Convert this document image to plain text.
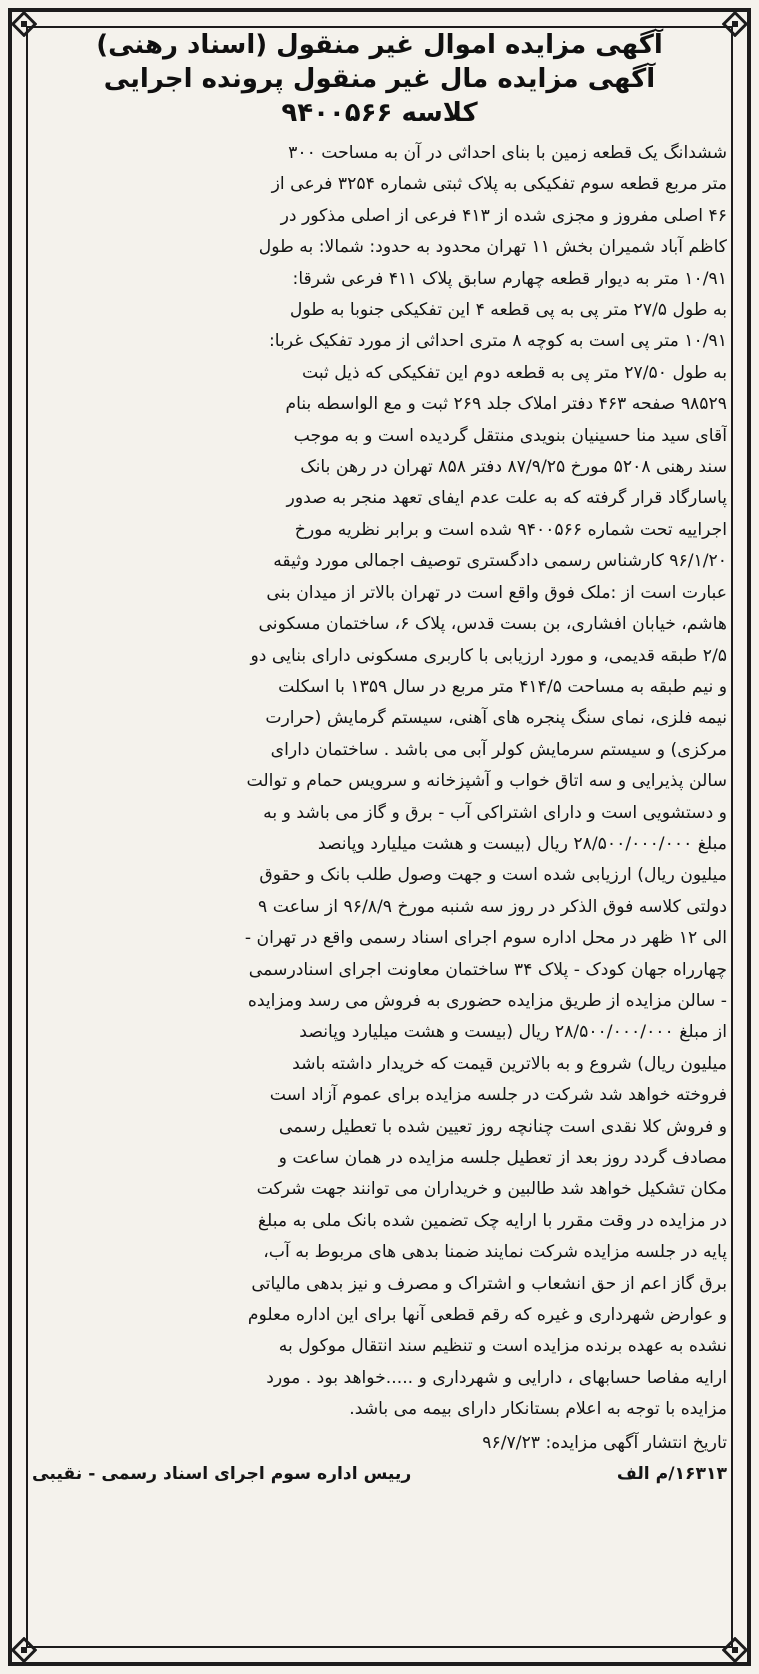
آگهی مزایده اموال غیر منقول (اسناد رهنی)
آگهی مزایده مال غیر منقول پرونده اجرایی
کلاسه ۹۴۰۰۵۶۶
ششدانگ یک قطعه زمین با بنای احداثی در آن به مساحت ۳۰۰
متر مربع قطعه سوم تفکیکی به پلاک ثبتی شماره ۳۲۵۴ فرعی از
۴۶ اصلی مفروز و مجزی شده از ۴۱۳ فرعی از اصلی مذکور در
کاظم آباد شمیران بخش ۱۱ تهران محدود به حدود: شمالا: به طول
۱۰/۹۱ متر به دیوار قطعه چهارم سابق پلاک ۴۱۱ فرعی شرقا:
به طول ۲۷/۵ متر پی به پی قطعه ۴ این تفکیکی جنوبا به طول
۱۰/۹۱ متر پی است به کوچه ۸ متری احداثی از مورد تفکیک غربا:
به طول ۲۷/۵۰ متر پی به قطعه دوم این تفکیکی که ذیل ثبت
۹۸۵۲۹ صفحه ۴۶۳ دفتر املاک جلد ۲۶۹ ثبت و مع الواسطه بنام
آقای سید منا حسینیان بنویدی منتقل گردیده است و به موجب
سند رهنی ۵۲۰۸ مورخ ۸۷/۹/۲۵ دفتر ۸۵۸ تهران در رهن بانک
پاسارگاد قرار گرفته که به علت عدم ایفای تعهد منجر به صدور
اجراییه تحت شماره ۹۴۰۰۵۶۶ شده است و برابر نظریه مورخ
۹۶/۱/۲۰ کارشناس رسمی دادگستری توصیف اجمالی مورد وثیقه
عبارت است از :ملک فوق واقع است در تهران بالاتر از میدان بنی
هاشم، خیابان افشاری، بن بست قدس، پلاک ۶، ساختمان مسکونی
۲/۵ طبقه قدیمی، و مورد ارزیابی با کاربری مسکونی دارای بنایی دو
و نیم طبقه به مساحت ۴۱۴/۵ متر مربع در سال ۱۳۵۹ با اسکلت
نیمه فلزی، نمای سنگ پنجره های آهنی، سیستم گرمایش (حرارت
مرکزی) و سیستم سرمایش کولر آبی می باشد . ساختمان دارای
سالن پذیرایی و سه اتاق خواب و آشپزخانه و سرویس حمام و توالت
و دستشویی است و دارای اشتراکی آب - برق و گاز می باشد و به
مبلغ ۲۸/۵۰۰/۰۰۰/۰۰۰ ریال (بیست و هشت میلیارد وپانصد
میلیون ریال) ارزیابی شده است و جهت وصول طلب بانک و حقوق
دولتی کلاسه فوق الذکر در روز سه شنبه مورخ ۹۶/۸/۹ از ساعت ۹
الی ۱۲ ظهر در محل اداره سوم اجرای اسناد رسمی واقع در تهران -
چهارراه جهان کودک - پلاک ۳۴ ساختمان معاونت اجرای اسنادرسمی
- سالن مزایده از طریق مزایده حضوری به فروش می رسد ومزایده
از مبلغ ۲۸/۵۰۰/۰۰۰/۰۰۰ ریال (بیست و هشت میلیارد وپانصد
میلیون ریال) شروع و به بالاترین قیمت که خریدار داشته باشد
فروخته خواهد شد شرکت در جلسه مزایده برای عموم آزاد است
و فروش کلا نقدی است چنانچه روز تعیین شده با تعطیل رسمی
مصادف گردد روز بعد از تعطیل جلسه مزایده در همان ساعت و
مکان تشکیل خواهد شد طالبین و خریداران می توانند جهت شرکت
در مزایده در وقت مقرر با ارایه چک تضمین شده بانک ملی به مبلغ
پایه در جلسه مزایده شرکت نمایند ضمنا بدهی های مربوط به آب،
برق گاز اعم از حق انشعاب و اشتراک و مصرف و نیز بدهی مالیاتی
و عوارض شهرداری و غیره که رقم قطعی آنها برای این اداره معلوم
نشده به عهده برنده مزایده است و تنظیم سند انتقال موکول به
ارایه مفاصا حسابهای ، دارایی و شهرداری و .....خواهد بود . مورد
مزایده با توجه به اعلام بستانکار دارای بیمه می باشد.
تاریخ انتشار آگهی مزایده: ۹۶/۷/۲۳
۱۶۳۱۳/م الف
رییس اداره سوم اجرای اسناد رسمی - نقیبی
